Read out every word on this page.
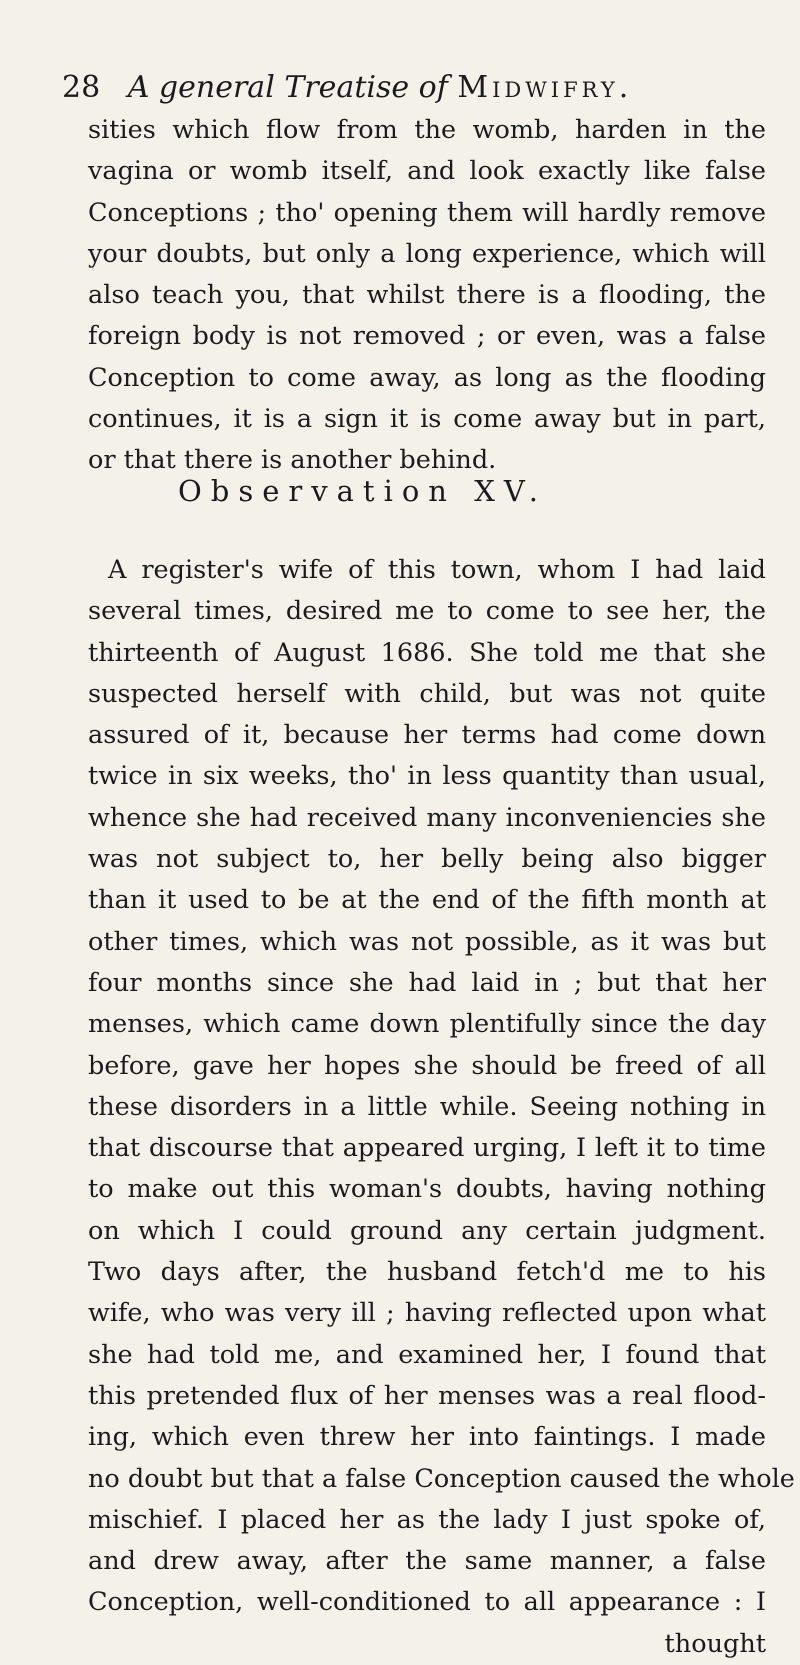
28 A general Treatise of Midwifry.

sities which flow from the womb, harden in the
vagina or womb itself, and look exactly like false
Conceptions ; tho' opening them will hardly remove
your doubts, but only a long experience, which will
also teach you, that whilst there is a flooding, the
foreign body is not removed ; or even, was a false
Conception to come away, as long as the flooding
continues, it is a sign it is come away but in part,
or that there is another behind.

Observation XV.

A register's wife of this town, whom I had laid
several times, desired me to come to see her, the
thirteenth of August 1686. She told me that she
suspected herself with child, but was not quite
assured of it, because her terms had come down
twice in six weeks, tho' in less quantity than usual,
whence she had received many inconveniencies she
was not subject to, her belly being also bigger
than it used to be at the end of the fifth month at
other times, which was not possible, as it was but
four months since she had laid in ; but that her
menses, which came down plentifully since the day
before, gave her hopes she should be freed of all
these disorders in a little while. Seeing nothing in
that discourse that appeared urging, I left it to time
to make out this woman's doubts, having nothing
on which I could ground any certain judgment.
Two days after, the husband fetch'd me to his
wife, who was very ill ; having reflected upon what
she had told me, and examined her, I found that
this pretended flux of her menses was a real flood-
ing, which even threw her into faintings. I made
no doubt but that a false Conception caused the whole
mischief. I placed her as the lady I just spoke of,
and drew away, after the same manner, a false
Conception, well-conditioned to all appearance : I
thought
